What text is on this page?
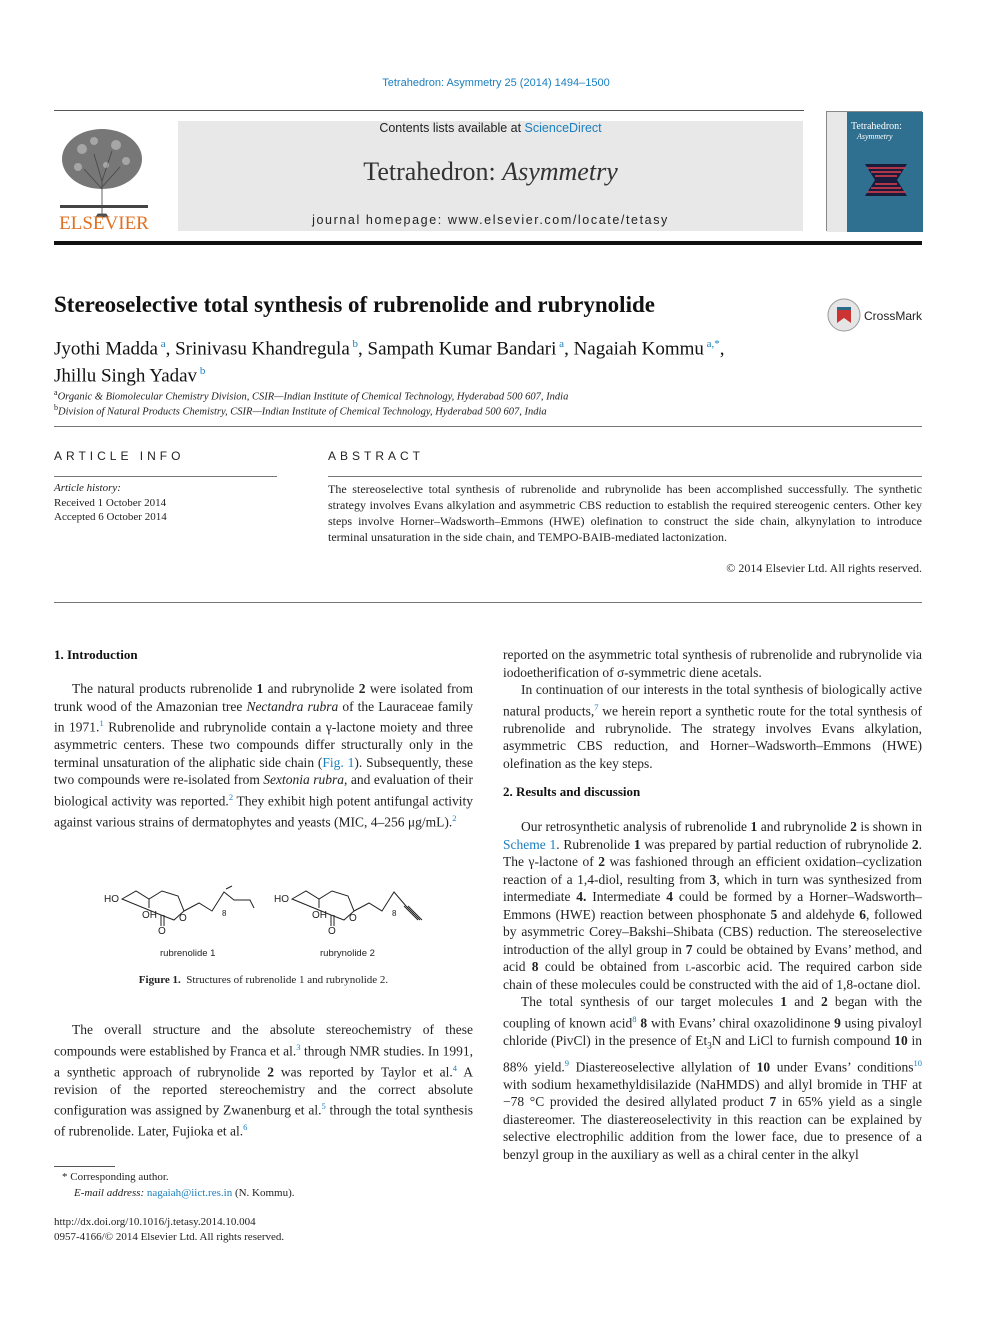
Tetrahedron: Asymmetry 25 (2014) 1494–1500
ELSEVIER
Contents lists available at ScienceDirect
Tetrahedron: Asymmetry
journal homepage: www.elsevier.com/locate/tetasy
Tetrahedron:
Asymmetry
Stereoselective total synthesis of rubrenolide and rubrynolide	CrossMark
Jyothi Madda $^a$, Srinivasu Khandregula $^b$, Sampath Kumar Bandari $^a$, Nagaiah Kommu $^{a,*}$,
Jhillu Singh Yadav $^b$
$^a$Organic & Biomolecular Chemistry Division, CSIR—Indian Institute of Chemical Technology, Hyderabad 500 607, India
$^b$Division of Natural Products Chemistry, CSIR—Indian Institute of Chemical Technology, Hyderabad 500 607, India
ARTICLE INFO
Article history:
Received 1 October 2014
Accepted 6 October 2014
ABSTRACT
The stereoselective total synthesis of rubrenolide and rubrynolide has been accomplished successfully. The synthetic strategy involves Evans alkylation and asymmetric CBS reduction to establish the required stereogenic centers. Other key steps involve Horner–Wadsworth–Emmons (HWE) olefination to construct the side chain, alkynylation to introduce terminal unsaturation in the side chain, and TEMPO-BAIB-mediated lactonization.
© 2014 Elsevier Ltd. All rights reserved.
1. Introduction

The natural products rubrenolide 1 and rubrynolide 2 were isolated from trunk wood of the Amazonian tree Nectandra rubra of the Lauraceae family in 1971.$^1$ Rubrenolide and rubrynolide contain a γ-lactone moiety and three asymmetric centers. These two compounds differ structurally only in the terminal unsaturation of the aliphatic side chain (Fig. 1). Subsequently, these two compounds were re-isolated from Sextonia rubra, and evaluation of their biological activity was reported.$^2$ They exhibit high potent antifungal activity against various strains of dermatophytes and yeasts (MIC, 4–256 μg/mL).$^2$

HO
OH
O
O	8
HO
OH
O
O	8
rubrenolide 1	rubrynolide 2
Figure 1. Structures of rubrenolide 1 and rubrynolide 2.

The overall structure and the absolute stereochemistry of these compounds were established by Franca et al.$^3$ through NMR studies. In 1991, a synthetic approach of rubrynolide 2 was reported by Taylor et al.$^4$ A revision of the reported stereochemistry and the correct absolute configuration was assigned by Zwanenburg et al.$^5$ through the total synthesis of rubrenolide. Later, Fujioka et al.$^6$

* Corresponding author.
E-mail address: nagaiah@iict.res.in (N. Kommu).
http://dx.doi.org/10.1016/j.tetasy.2014.10.004
0957-4166/© 2014 Elsevier Ltd. All rights reserved.

reported on the asymmetric total synthesis of rubrenolide and rubrynolide via iodoetherification of σ-symmetric diene acetals.

In continuation of our interests in the total synthesis of biologically active natural products,$^7$ we herein report a synthetic route for the total synthesis of rubrenolide and rubrynolide. The strategy involves Evans alkylation, asymmetric CBS reduction, and Horner–Wadsworth–Emmons (HWE) olefination as the key steps.

2. Results and discussion

Our retrosynthetic analysis of rubrenolide 1 and rubrynolide 2 is shown in Scheme 1. Rubrenolide 1 was prepared by partial reduction of rubrynolide 2. The γ-lactone of 2 was fashioned through an efficient oxidation–cyclization reaction of a 1,4-diol, resulting from 3, which in turn was synthesized from intermediate 4. Intermediate 4 could be formed by a Horner–Wadsworth–Emmons (HWE) reaction between phosphonate 5 and aldehyde 6, followed by asymmetric Corey–Bakshi–Shibata (CBS) reduction. The stereoselective introduction of the allyl group in 7 could be obtained by Evans’ method, and acid 8 could be obtained from l-ascorbic acid. The required carbon side chain of these molecules could be constructed with the aid of 1,8-octane diol.

The total synthesis of our target molecules 1 and 2 began with the coupling of known acid$^8$ 8 with Evans’ chiral oxazolidinone 9 using pivaloyl chloride (PivCl) in the presence of $Et_3N$ and LiCl to furnish compound 10 in 88% yield.$^9$ Diastereoselective allylation of 10 under Evans’ conditions$^{10}$ with sodium hexamethyldisilazide (NaHMDS) and allyl bromide in THF at −78 °C provided the desired allylated product 7 in 65% yield as a single diastereomer. The diastereoselectivity in this reaction can be explained by selective electrophilic addition from the lower face, due to presence of a benzyl group in the auxiliary as well as a chiral center in the alkyl
